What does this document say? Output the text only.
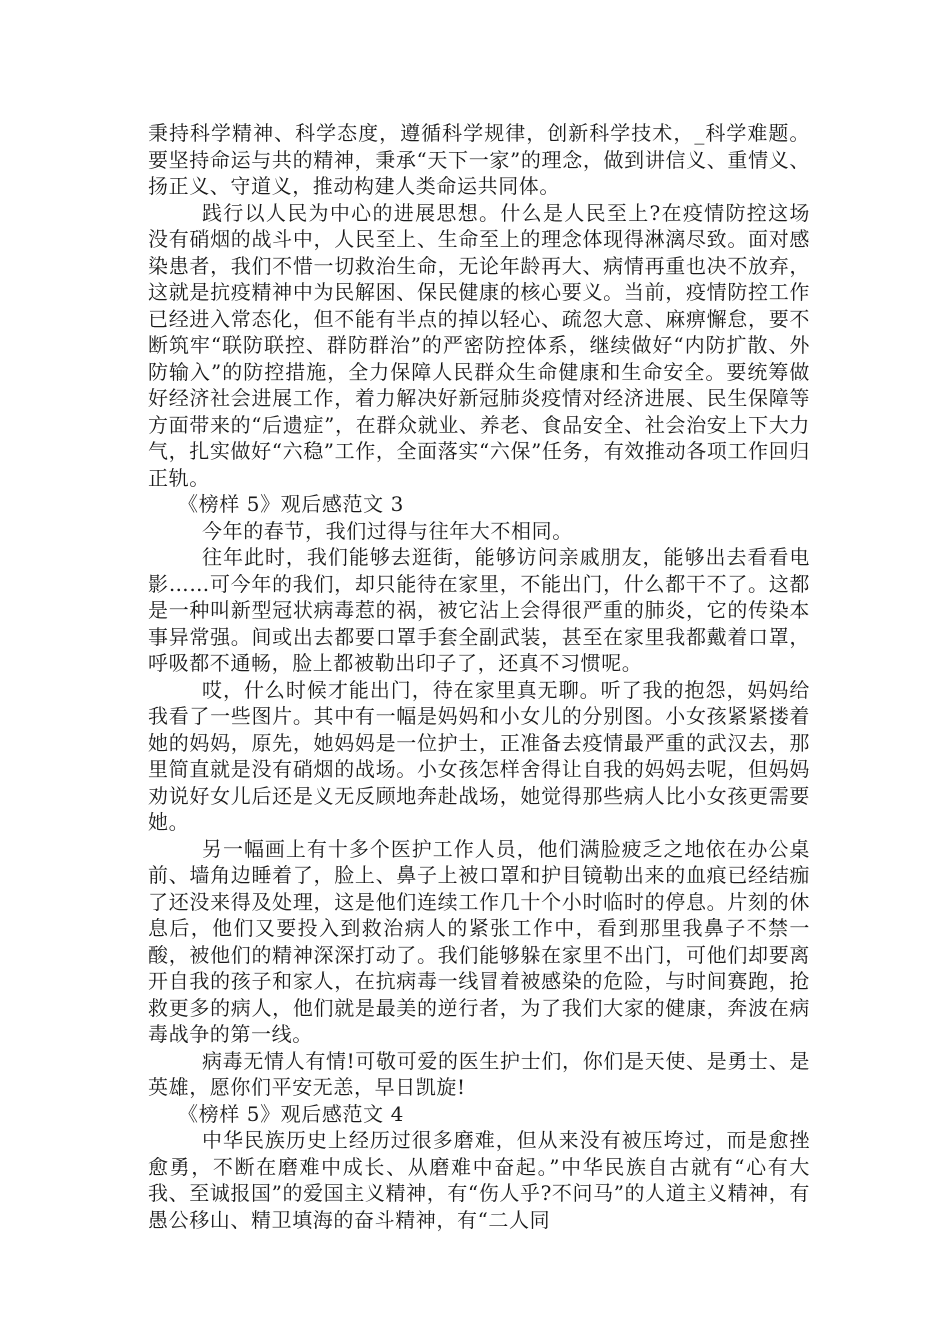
秉持科学精神、科学态度，遵循科学规律，创新科学技术，_科学难题。要坚持命运与共的精神，秉承“天下一家”的理念，做到讲信义、重情义、扬正义、守道义，推动构建人类命运共同体。

践行以人民为中心的进展思想。什么是人民至上?在疫情防控这场没有硝烟的战斗中，人民至上、生命至上的理念体现得淋漓尽致。面对感染患者，我们不惜一切救治生命，无论年龄再大、病情再重也决不放弃，这就是抗疫精神中为民解困、保民健康的核心要义。当前，疫情防控工作已经进入常态化，但不能有半点的掉以轻心、疏忽大意、麻痹懈怠，要不断筑牢“联防联控、群防群治”的严密防控体系，继续做好“内防扩散、外防输入”的防控措施，全力保障人民群众生命健康和生命安全。要统筹做好经济社会进展工作，着力解决好新冠肺炎疫情对经济进展、民生保障等方面带来的“后遗症”，在群众就业、养老、食品安全、社会治安上下大力气，扎实做好“六稳”工作，全面落实“六保”任务，有效推动各项工作回归正轨。

《榜样 5》观后感范文 3

今年的春节，我们过得与往年大不相同。

往年此时，我们能够去逛街，能够访问亲戚朋友，能够出去看看电影……可今年的我们，却只能待在家里，不能出门，什么都干不了。这都是一种叫新型冠状病毒惹的祸，被它沾上会得很严重的肺炎，它的传染本事异常强。间或出去都要口罩手套全副武装，甚至在家里我都戴着口罩，呼吸都不通畅，脸上都被勒出印子了，还真不习惯呢。

哎，什么时候才能出门，待在家里真无聊。听了我的抱怨，妈妈给我看了一些图片。其中有一幅是妈妈和小女儿的分别图。小女孩紧紧搂着她的妈妈，原先，她妈妈是一位护士，正准备去疫情最严重的武汉去，那里简直就是没有硝烟的战场。小女孩怎样舍得让自我的妈妈去呢，但妈妈劝说好女儿后还是义无反顾地奔赴战场，她觉得那些病人比小女孩更需要她。

另一幅画上有十多个医护工作人员，他们满脸疲乏之地依在办公桌前、墙角边睡着了，脸上、鼻子上被口罩和护目镜勒出来的血痕已经结痂了还没来得及处理，这是他们连续工作几十个小时临时的停息。片刻的休息后，他们又要投入到救治病人的紧张工作中，看到那里我鼻子不禁一酸，被他们的精神深深打动了。我们能够躲在家里不出门，可他们却要离开自我的孩子和家人，在抗病毒一线冒着被感染的危险，与时间赛跑，抢救更多的病人，他们就是最美的逆行者，为了我们大家的健康，奔波在病毒战争的第一线。

病毒无情人有情!可敬可爱的医生护士们，你们是天使、是勇士、是英雄，愿你们平安无恙，早日凯旋!

《榜样 5》观后感范文 4

中华民族历史上经历过很多磨难，但从来没有被压垮过，而是愈挫愈勇，不断在磨难中成长、从磨难中奋起。”中华民族自古就有“心有大我、至诚报国”的爱国主义精神，有“伤人乎?不问马”的人道主义精神，有愚公移山、精卫填海的奋斗精神，有“二人同
